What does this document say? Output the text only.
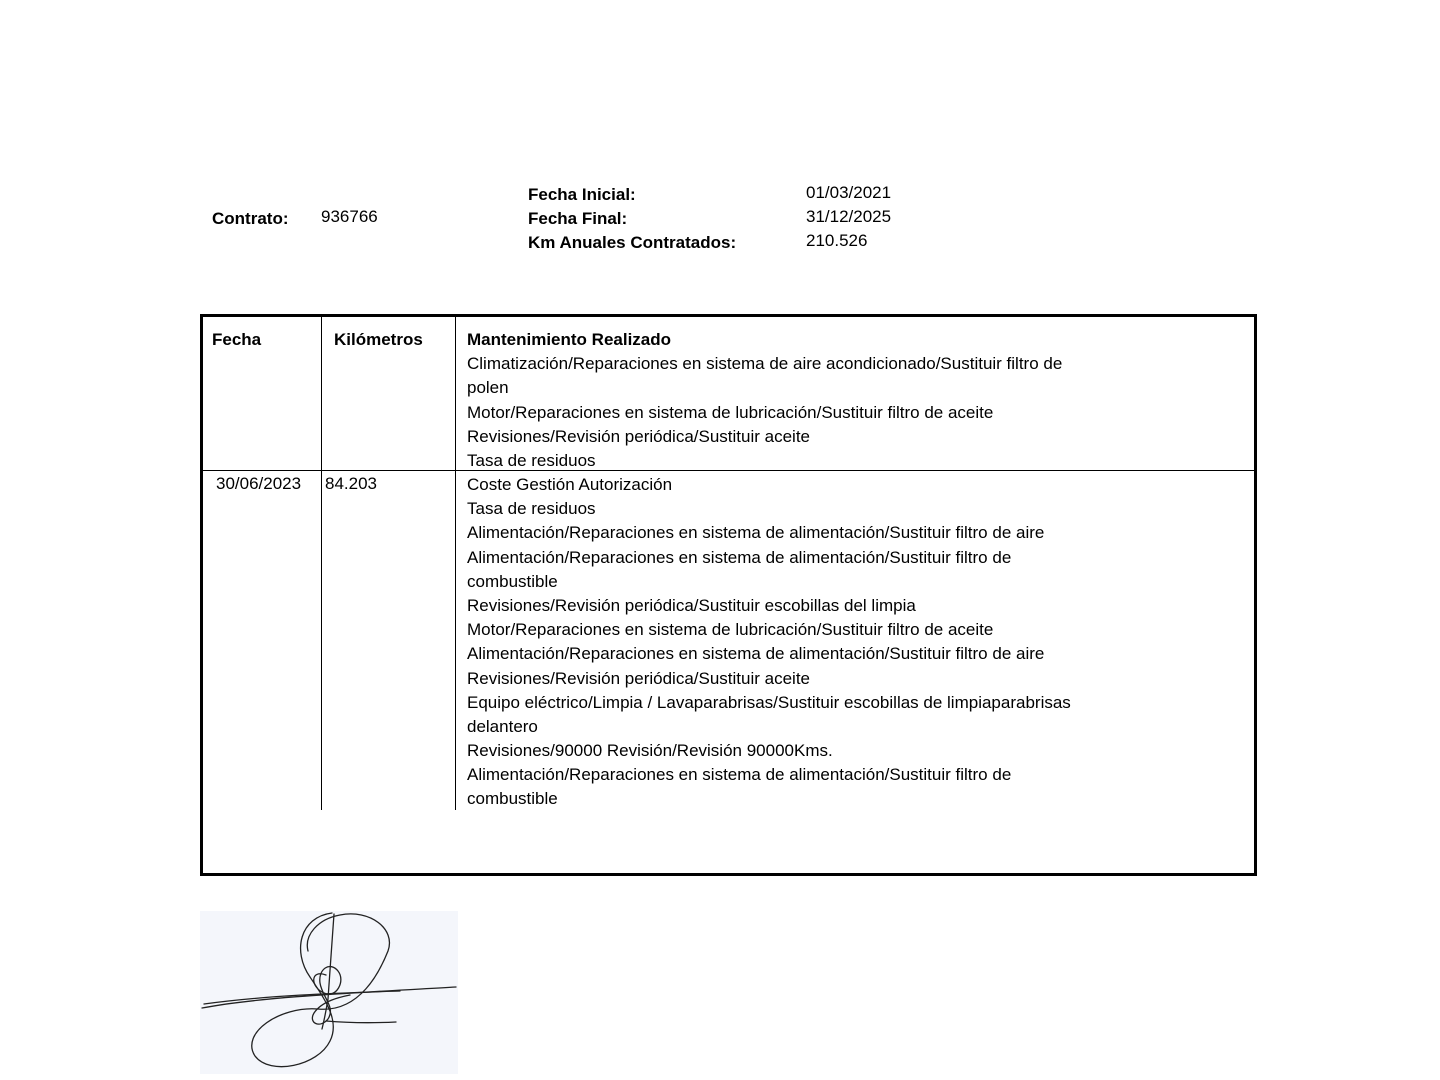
Contrato: 936766
Fecha Inicial:	01/03/2021
Fecha Final:	31/12/2025
Km Anuales Contratados:	210.526
Fecha	Kilómetros	Mantenimiento Realizado
Climatización/Reparaciones en sistema de aire acondicionado/Sustituir filtro de
polen
Motor/Reparaciones en sistema de lubricación/Sustituir filtro de aceite
Revisiones/Revisión periódica/Sustituir aceite
Tasa de residuos
30/06/2023 84.203	Coste Gestión Autorización
Tasa de residuos
Alimentación/Reparaciones en sistema de alimentación/Sustituir filtro de aire
Alimentación/Reparaciones en sistema de alimentación/Sustituir filtro de
combustible
Revisiones/Revisión periódica/Sustituir escobillas del limpia
Motor/Reparaciones en sistema de lubricación/Sustituir filtro de aceite
Alimentación/Reparaciones en sistema de alimentación/Sustituir filtro de aire
Revisiones/Revisión periódica/Sustituir aceite
Equipo eléctrico/Limpia / Lavaparabrisas/Sustituir escobillas de limpiaparabrisas
delantero
Revisiones/90000 Revisión/Revisión 90000Kms.
Alimentación/Reparaciones en sistema de alimentación/Sustituir filtro de
combustible
